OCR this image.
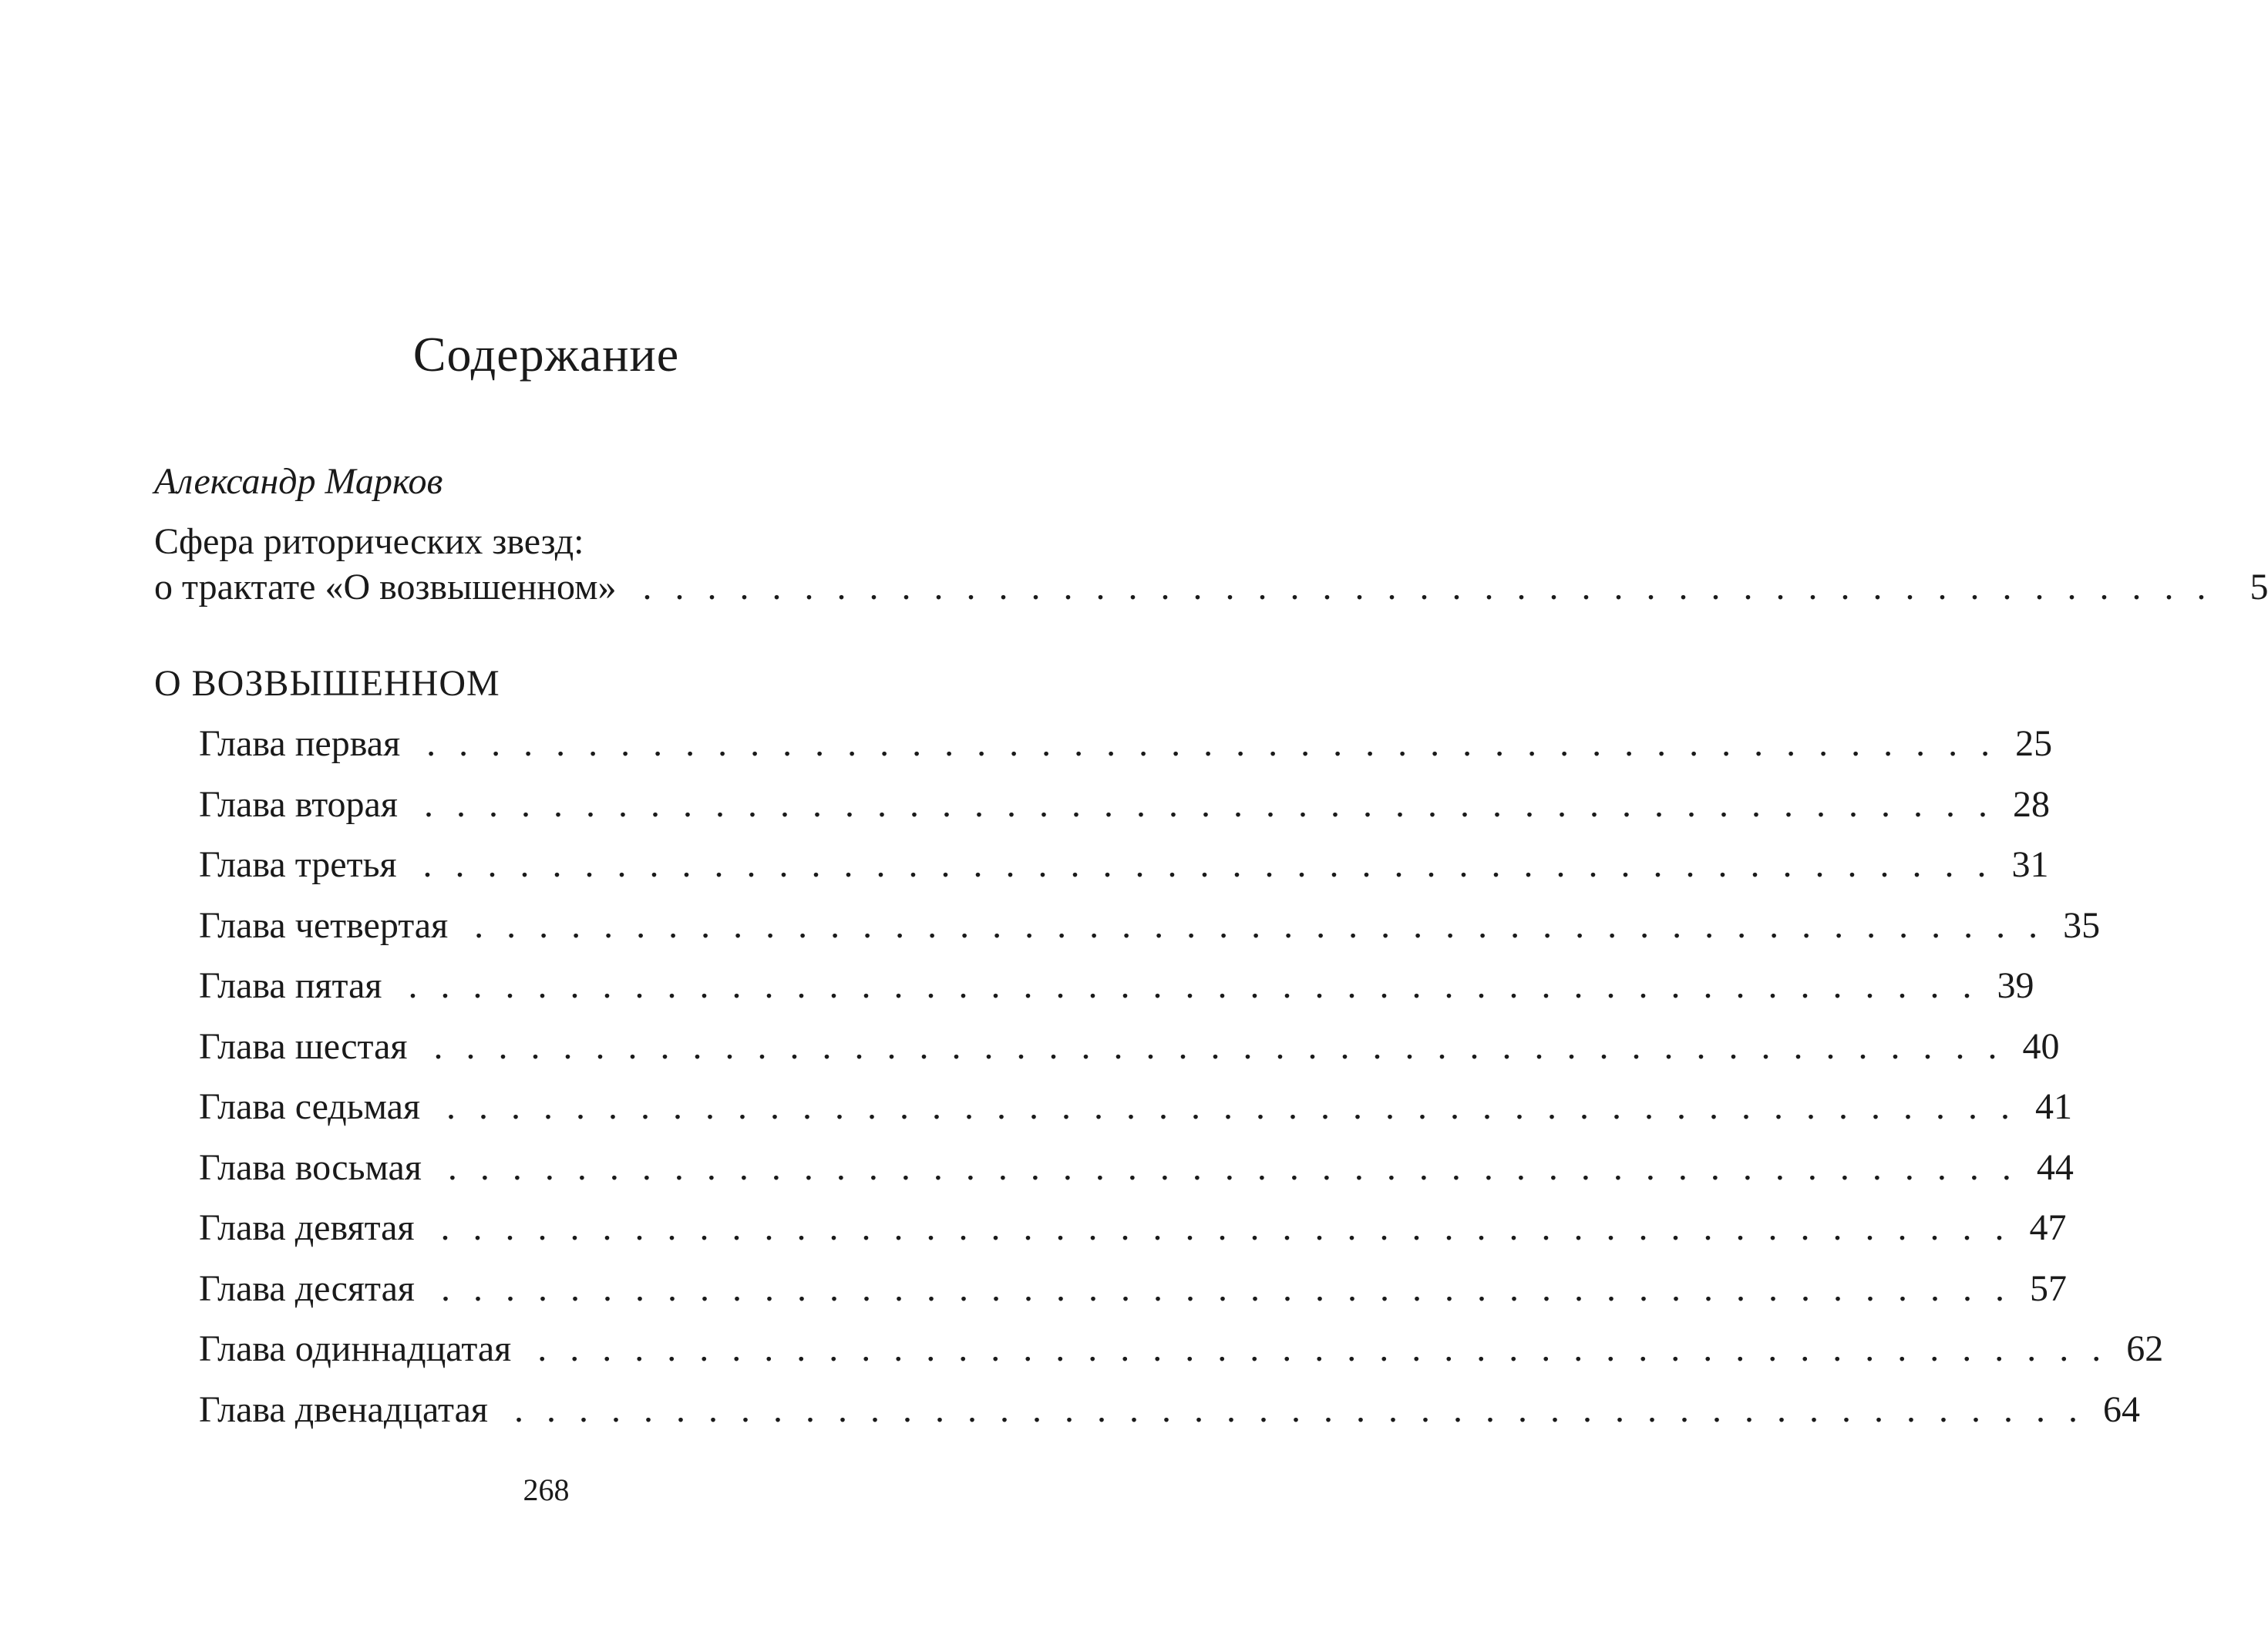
Содержание
Александр Марков
Сфера риторических звезд:
о трактате «О возвышенном» . . . . . . . . . . . . . . . . . . . . . . . . . . . . . . . . . . . . . . . . . . . . . . . . .	5
О ВОЗВЫШЕННОМ
Глава первая . . . . . . . . . . . . . . . . . . . . . . . . . . . . . . . . . . . . . . . . . . . . . . . . . 25
Глава вторая . . . . . . . . . . . . . . . . . . . . . . . . . . . . . . . . . . . . . . . . . . . . . . . . . 28
Глава третья . . . . . . . . . . . . . . . . . . . . . . . . . . . . . . . . . . . . . . . . . . . . . . . . . 31
Глава четвертая . . . . . . . . . . . . . . . . . . . . . . . . . . . . . . . . . . . . . . . . . . . . . . . . . 35
Глава пятая . . . . . . . . . . . . . . . . . . . . . . . . . . . . . . . . . . . . . . . . . . . . . . . . . 39
Глава шестая . . . . . . . . . . . . . . . . . . . . . . . . . . . . . . . . . . . . . . . . . . . . . . . . . 40
Глава седьмая . . . . . . . . . . . . . . . . . . . . . . . . . . . . . . . . . . . . . . . . . . . . . . . . . 41
Глава восьмая . . . . . . . . . . . . . . . . . . . . . . . . . . . . . . . . . . . . . . . . . . . . . . . . . 44
Глава девятая . . . . . . . . . . . . . . . . . . . . . . . . . . . . . . . . . . . . . . . . . . . . . . . . . 47
Глава десятая . . . . . . . . . . . . . . . . . . . . . . . . . . . . . . . . . . . . . . . . . . . . . . . . . 57
Глава одиннадцатая . . . . . . . . . . . . . . . . . . . . . . . . . . . . . . . . . . . . . . . . . . . . . . . . . 62
Глава двенадцатая . . . . . . . . . . . . . . . . . . . . . . . . . . . . . . . . . . . . . . . . . . . . . . . . . 64
268
